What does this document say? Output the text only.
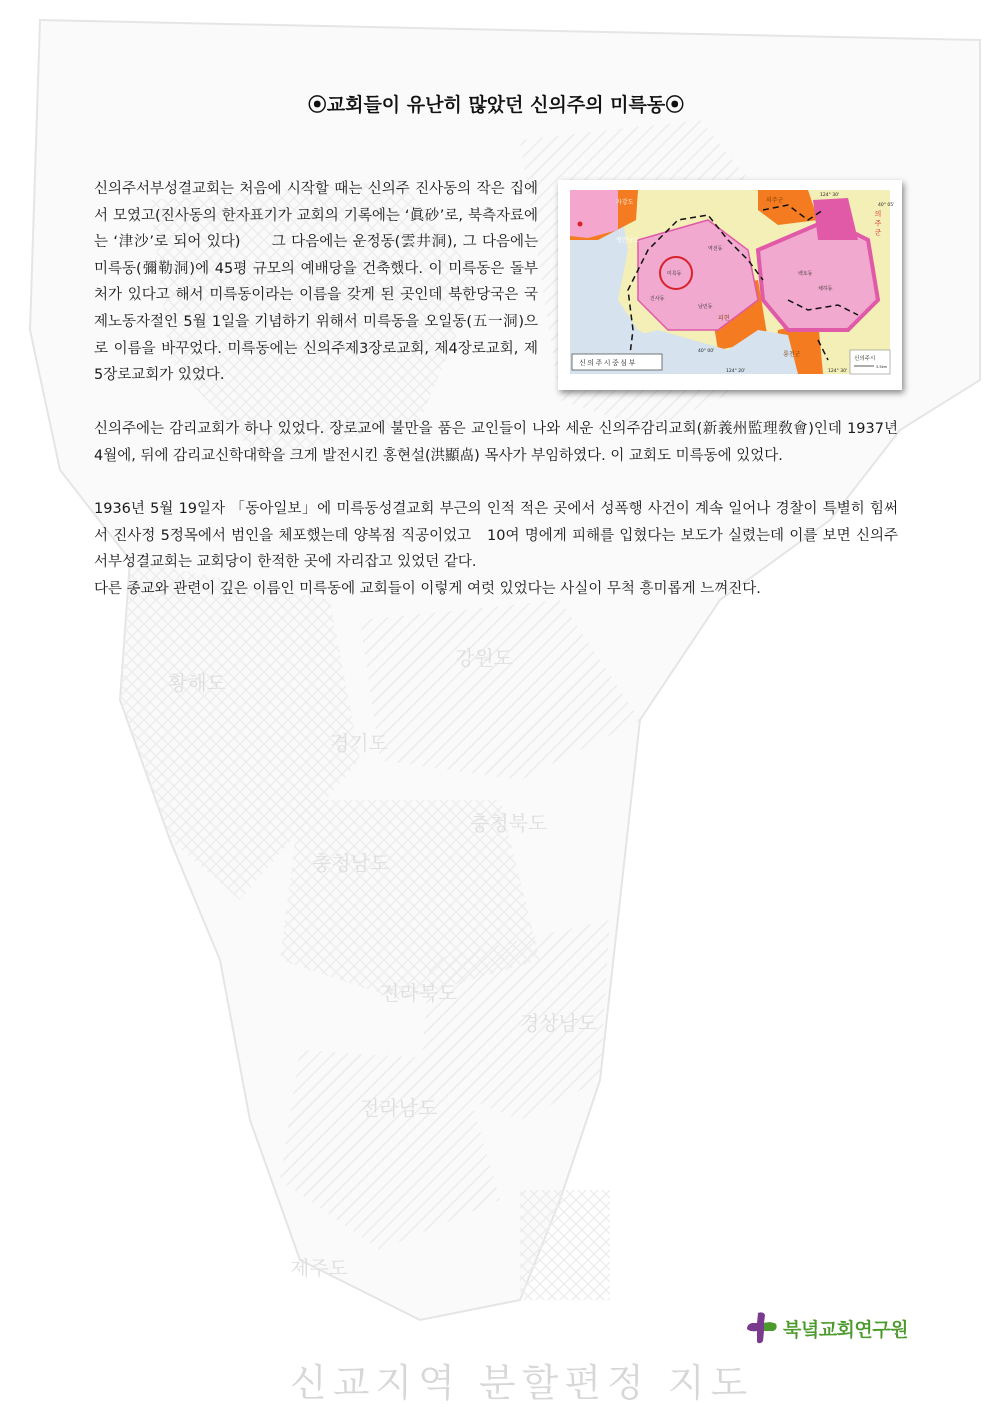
황해도
경기도
충청북도
충청남도
전라북도
경상남도
전라남도
강원도
제주도
신교지역 분할편정 지도
⦿교회들이 유난히 많았던 신의주의 미륵동⦿

신의주서부성결교회는 처음에 시작할 때는 신의주 진사동의 작은 집에서 모였고(진사동의 한자표기가 교회의 기록에는 ‘眞砂’로, 북측자료에는 ‘津沙’로 되어 있다)　　그 다음에는 운정동(雲井洞), 그 다음에는 미륵동(彌勒洞)에 45평 규모의 예배당을 건축했다. 이 미륵동은 돌부처가 있다고 해서 미륵동이라는 이름을 갖게 된 곳인데 북한당국은 국제노동자절인 5월 1일을 기념하기 위해서 미륵동을 오일동(五一洞)으로 이름을 바꾸었다. 미륵동에는 신의주제3장로교회, 제4장로교회, 제5장로교회가 있었다.

미륵동
진사동
남민동
백토동
역전동
채하동
자강도
평안남도
의주군
룡천군
피현
의 주 군
124° 30'
40° 05'
40° 00'
124° 20'	124° 30'
신의주시중심부	신의주시
3.5km

신의주에는 감리교회가 하나 있었다. 장로교에 불만을 품은 교인들이 나와 세운 신의주감리교회(新義州監理敎會)인데 1937년 4월에, 뒤에 감리교신학대학을 크게 발전시킨 홍현설(洪顯卨) 목사가 부임하였다. 이 교회도 미륵동에 있었다.

1936년 5월 19일자 「동아일보」에 미륵동성결교회 부근의 인적 적은 곳에서 성폭행 사건이 계속 일어나 경찰이 특별히 힘써서 진사정 5정목에서 범인을 체포했는데 양복점 직공이었고　10여 명에게 피해를 입혔다는 보도가 실렸는데 이를 보면 신의주서부성결교회는 교회당이 한적한 곳에 자리잡고 있었던 같다.

다른 종교와 관련이 깊은 이름인 미륵동에 교회들이 이렇게 여럿 있었다는 사실이 무척 흥미롭게 느껴진다.

북녘교회연구원
